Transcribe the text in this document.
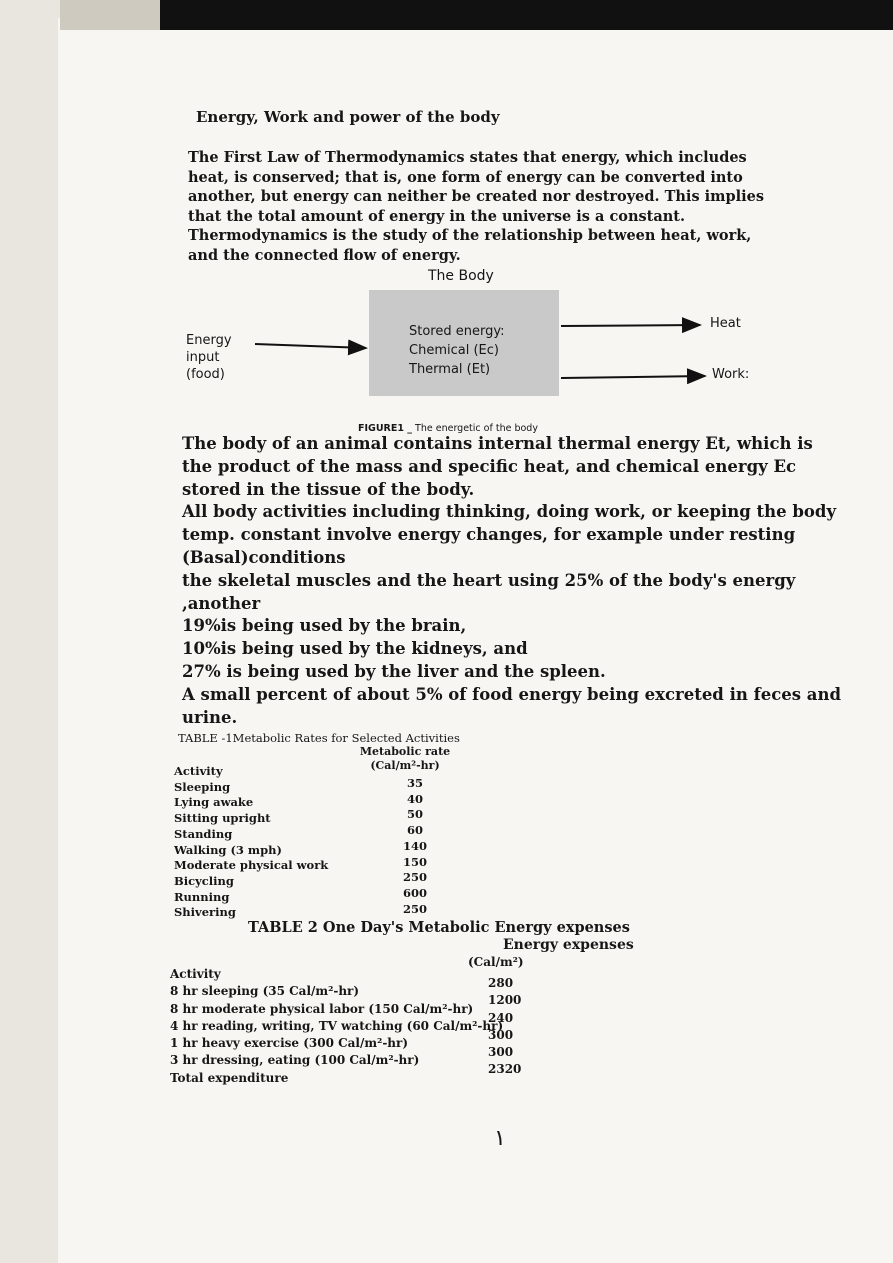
Energy, Work and power of the body
The First Law of Thermodynamics states that energy, which includes heat, is conserved; that is, one form of energy can be converted into another, but energy can neither be created nor destroyed. This implies that the total amount of energy in the universe is a constant. Thermodynamics is the study of the relationship between heat, work, and the connected flow of energy.
The Body
Stored energy:
Chemical (Ec)
Thermal (Et)
Energy
input
(food)
Heat
Work:
FIGURE1 _ The energetic of the body

The body of an animal contains internal thermal energy Et, which is the product of the mass and specific heat, and chemical energy Ec stored in the tissue of the body.

All body activities including thinking, doing work, or keeping the body temp. constant involve energy changes, for example under resting (Basal)conditions

the skeletal muscles and the heart using 25% of the body's energy ,another

19%is being used by the brain,

10%is being used by the kidneys, and

27% is being used by the liver and the spleen.

A small percent of about 5% of food energy being excreted in feces and urine.

TABLE -1Metabolic Rates for Selected Activities
Metabolic rate
(Cal/m²-hr)
Activity
Sleeping
Lying awake
Sitting upright
Standing
Walking (3 mph)
Moderate physical work
Bicycling
Running
Shivering
35
40
50
60
140
150
250
600
250
TABLE 2 One Day's Metabolic Energy expenses
Energy expenses
(Cal/m²)
Activity
8 hr sleeping (35 Cal/m²-hr)
8 hr moderate physical labor (150 Cal/m²-hr)
4 hr reading, writing, TV watching (60 Cal/m²-hr)
1 hr heavy exercise (300 Cal/m²-hr)
3 hr dressing, eating (100 Cal/m²-hr)
Total expenditure
280
1200
240
300
300
2320
١
